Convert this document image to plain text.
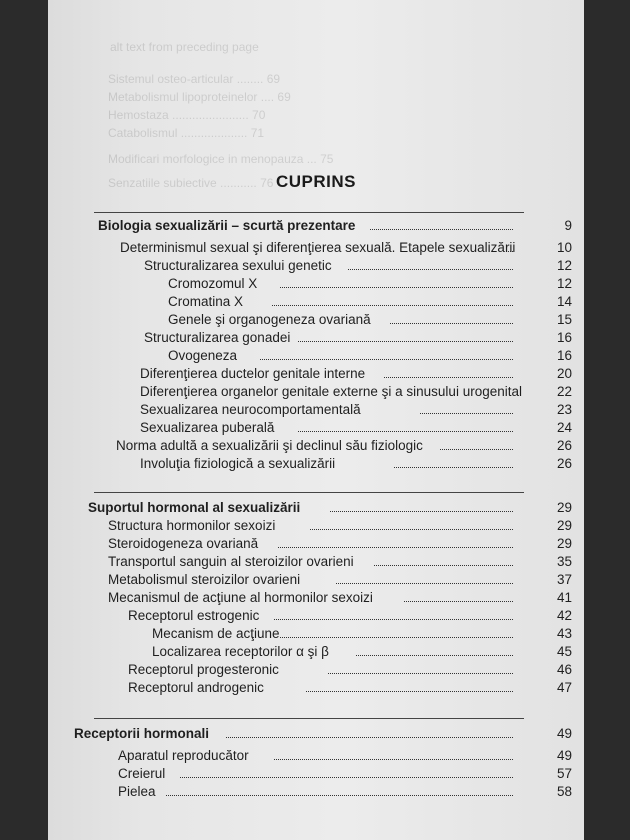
alt text from preceding page
Sistemul osteo-articular ........ 69
Metabolismul lipoproteinelor .... 69
Hemostaza ....................... 70
Catabolismul .................... 71
Modificari morfologice in menopauza ... 75
Senzatiile subiective ........... 76 CUPRINS
Biologia sexualizării – scurtă prezentare	9
Determinismul sexual şi diferenţierea sexuală. Etapele sexualizării	10
Structuralizarea sexului genetic	12
Cromozomul X	12
Cromatina X	14
Genele şi organogeneza ovariană	15
Structuralizarea gonadei	16
Ovogeneza	16
Diferenţierea ductelor genitale interne	20
Diferenţierea organelor genitale externe şi a sinusului urogenital	22
Sexualizarea neurocomportamentală	23
Sexualizarea puberală	24
Norma adultă a sexualizării şi declinul său fiziologic	26
Involuţia fiziologică a sexualizării	26
Suportul hormonal al sexualizării	29
Structura hormonilor sexoizi	29
Steroidogeneza ovariană	29
Transportul sanguin al steroizilor ovarieni	35
Metabolismul steroizilor ovarieni	37
Mecanismul de acţiune al hormonilor sexoizi	41
Receptorul estrogenic	42
Mecanism de acţiune	43
Localizarea receptorilor α şi β	45
Receptorul progesteronic	46
Receptorul androgenic	47
Receptorii hormonali	49
Aparatul reproducător	49
Creierul	57
Pielea	58
